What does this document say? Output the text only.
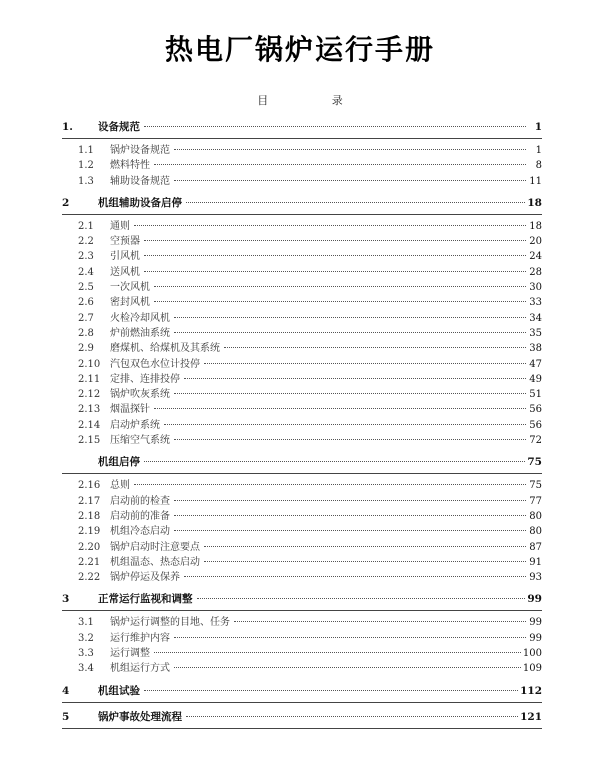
热电厂锅炉运行手册
目 录
1.	设备规范	1
1.1	锅炉设备规范	1
1.2	燃料特性	8
1.3	辅助设备规范	11
2	机组辅助设备启停	18
2.1	通则	18
2.2	空预器	20
2.3	引风机	24
2.4	送风机	28
2.5	一次风机	30
2.6	密封风机	33
2.7	火检冷却风机	34
2.8	炉前燃油系统	35
2.9	磨煤机、给煤机及其系统	38
2.10 汽包双色水位计投停	47
2.11 定排、连排投停	49
2.12 锅炉吹灰系统	51
2.13 烟温探针	56
2.14 启动炉系统	56
2.15 压缩空气系统	72
机组启停	75
2.16 总则	75
2.17 启动前的检查	77
2.18 启动前的准备	80
2.19 机组冷态启动	80
2.20 锅炉启动时注意要点	87
2.21 机组温态、热态启动	91
2.22 锅炉停运及保养	93
3	正常运行监视和调整	99
3.1	锅炉运行调整的目地、任务	99
3.2	运行维护内容	99
3.3	运行调整	100
3.4	机组运行方式	109
4	机组试验	112
5	锅炉事故处理流程	121
